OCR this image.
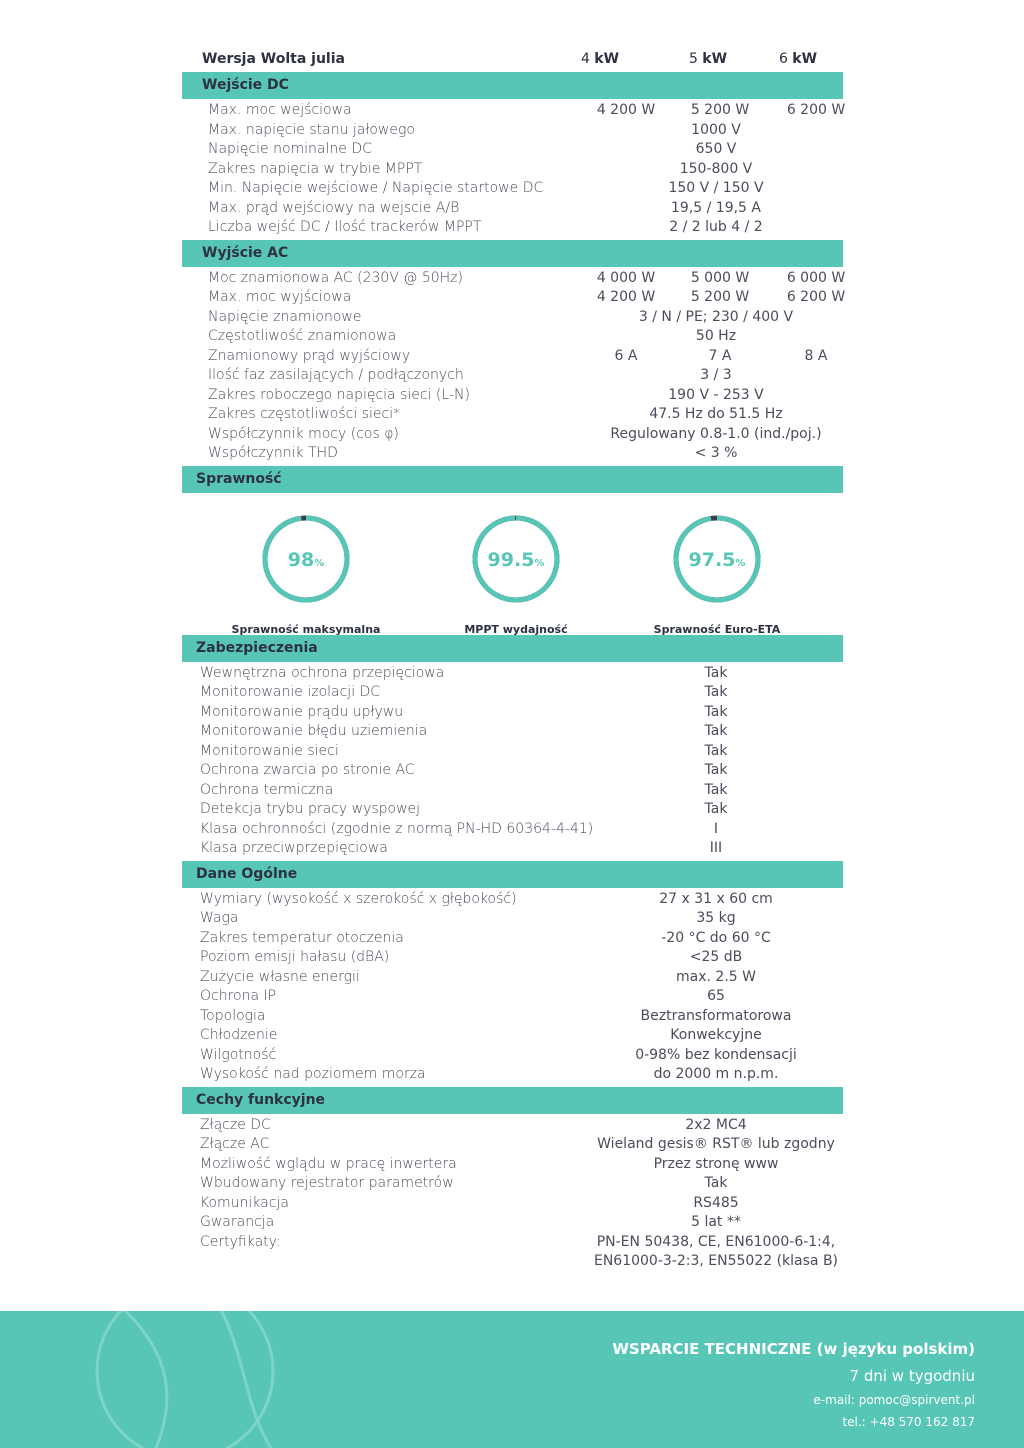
Wersja Wolta julia	4 kW	5 kW	6 kW
Wejście DC
Max. moc wejściowa	4 200 W	5 200 W	6 200 W
Max. napięcie stanu jałowego	1000 V
Napięcie nominalne DC	650 V
Zakres napięcia w trybie MPPT	150-800 V
Min. Napięcie wejściowe / Napięcie startowe DC	150 V / 150 V
Max. prąd wejściowy na wejscie A/B	19,5 / 19,5 A
Liczba wejść DC / Ilość trackerów MPPT	2 / 2 lub 4 / 2
Wyjście AC
Moc znamionowa AC (230V @ 50Hz)	4 000 W	5 000 W	6 000 W
Max. moc wyjściowa	4 200 W	5 200 W	6 200 W
Napięcie znamionowe	3 / N / PE; 230 / 400 V
Częstotliwość znamionowa	50 Hz
Znamionowy prąd wyjściowy	6 A	7 A	8 A
Ilość faz zasilających / podłączonych	3 / 3
Zakres roboczego napięcia sieci (L-N)	190 V - 253 V
Zakres częstotliwości sieci*	47.5 Hz do 51.5 Hz
Współczynnik mocy (cos φ)	Regulowany 0.8-1.0 (ind./poj.)
Współczynnik THD	< 3 %
Sprawność
98%
Sprawność maksymalna
99.5%
MPPT wydajność
97.5%
Sprawność Euro-ETA
Zabezpieczenia
Wewnętrzna ochrona przepięciowa	Tak
Monitorowanie izolacji DC	Tak
Monitorowanie prądu upływu	Tak
Monitorowanie błędu uziemienia	Tak
Monitorowanie sieci	Tak
Ochrona zwarcia po stronie AC	Tak
Ochrona termiczna	Tak
Detekcja trybu pracy wyspowej	Tak
Klasa ochronności (zgodnie z normą PN-HD 60364-4-41)	I
Klasa przeciwprzepięciowa	III
Dane Ogólne
Wymiary (wysokość x szerokość x głębokość)	27 x 31 x 60 cm
Waga	35 kg
Zakres temperatur otoczenia	-20 °C do 60 °C
Poziom emisji hałasu (dBA)	<25 dB
Zużycie własne energii	max. 2.5 W
Ochrona IP	65
Topologia	Beztransformatorowa
Chłodzenie	Konwekcyjne
Wilgotność	0-98% bez kondensacji
Wysokość nad poziomem morza	do 2000 m n.p.m.
Cechy funkcyjne
Złącze DC	2x2 MC4
Złącze AC	Wieland gesis® RST® lub zgodny
Możliwość wglądu w pracę inwertera	Przez stronę www
Wbudowany rejestrator parametrów	Tak
Komunikacja	RS485
Gwarancja	5 lat **
Certyfikaty:	PN-EN 50438, CE, EN61000-6-1:4,
EN61000-3-2:3, EN55022 (klasa B)
WSPARCIE TECHNICZNE (w języku polskim)
7 dni w tygodniu
e-mail: pomoc@spirvent.pl
tel.: +48 570 162 817
